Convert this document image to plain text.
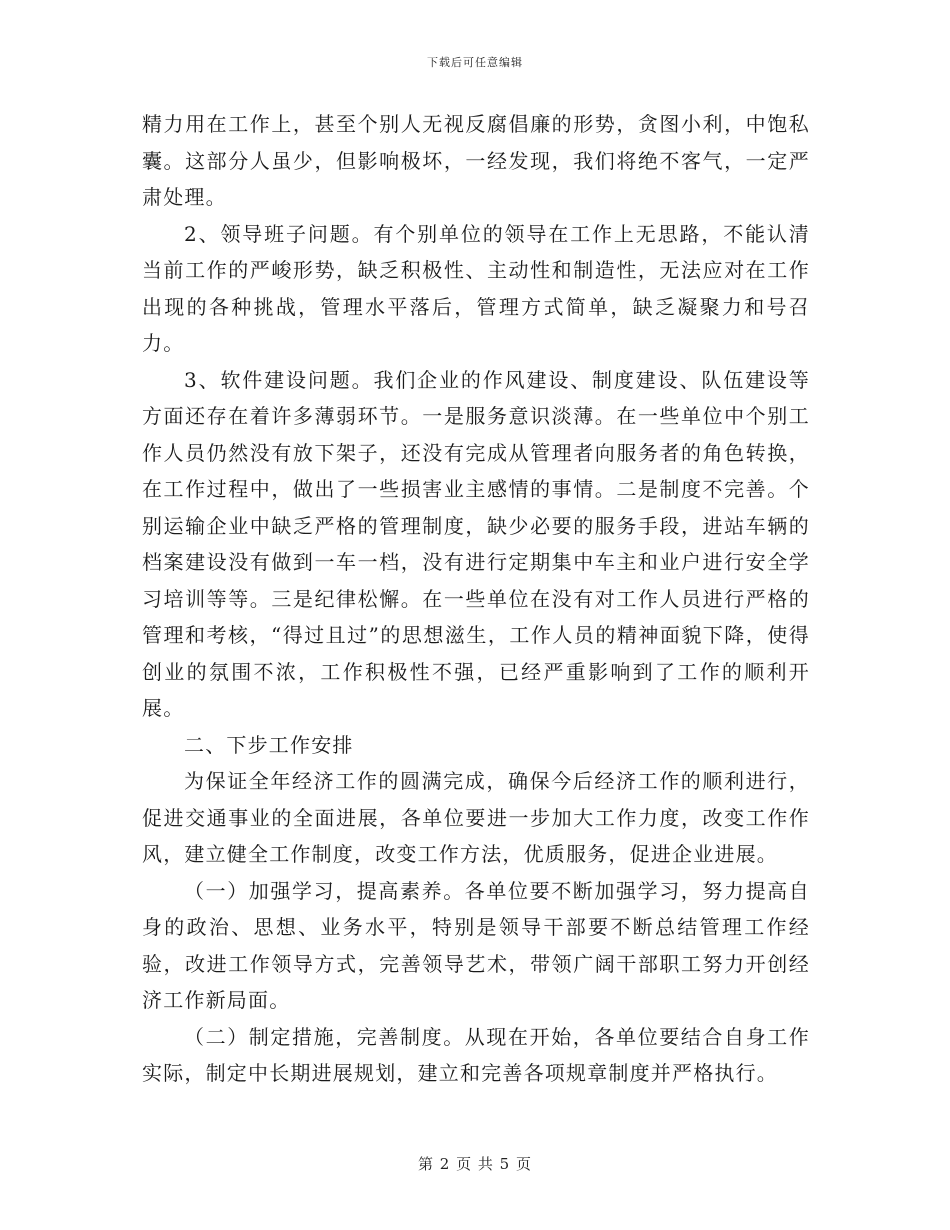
下载后可任意编辑

精力用在工作上，甚至个别人无视反腐倡廉的形势，贪图小利，中饱私囊。这部分人虽少，但影响极坏，一经发现，我们将绝不客气，一定严肃处理。

2、领导班子问题。有个别单位的领导在工作上无思路，不能认清当前工作的严峻形势，缺乏积极性、主动性和制造性，无法应对在工作出现的各种挑战，管理水平落后，管理方式简单，缺乏凝聚力和号召力。

3、软件建设问题。我们企业的作风建设、制度建设、队伍建设等方面还存在着许多薄弱环节。一是服务意识淡薄。在一些单位中个别工作人员仍然没有放下架子，还没有完成从管理者向服务者的角色转换，在工作过程中，做出了一些损害业主感情的事情。二是制度不完善。个别运输企业中缺乏严格的管理制度，缺少必要的服务手段，进站车辆的档案建设没有做到一车一档，没有进行定期集中车主和业户进行安全学习培训等等。三是纪律松懈。在一些单位在没有对工作人员进行严格的管理和考核，“得过且过”的思想滋生，工作人员的精神面貌下降，使得创业的氛围不浓，工作积极性不强，已经严重影响到了工作的顺利开展。

二、下步工作安排

为保证全年经济工作的圆满完成，确保今后经济工作的顺利进行，促进交通事业的全面进展，各单位要进一步加大工作力度，改变工作作风，建立健全工作制度，改变工作方法，优质服务，促进企业进展。

（一）加强学习，提高素养。各单位要不断加强学习，努力提高自身的政治、思想、业务水平，特别是领导干部要不断总结管理工作经验，改进工作领导方式，完善领导艺术，带领广阔干部职工努力开创经济工作新局面。

（二）制定措施，完善制度。从现在开始，各单位要结合自身工作实际，制定中长期进展规划，建立和完善各项规章制度并严格执行。

第 2 页 共 5 页
